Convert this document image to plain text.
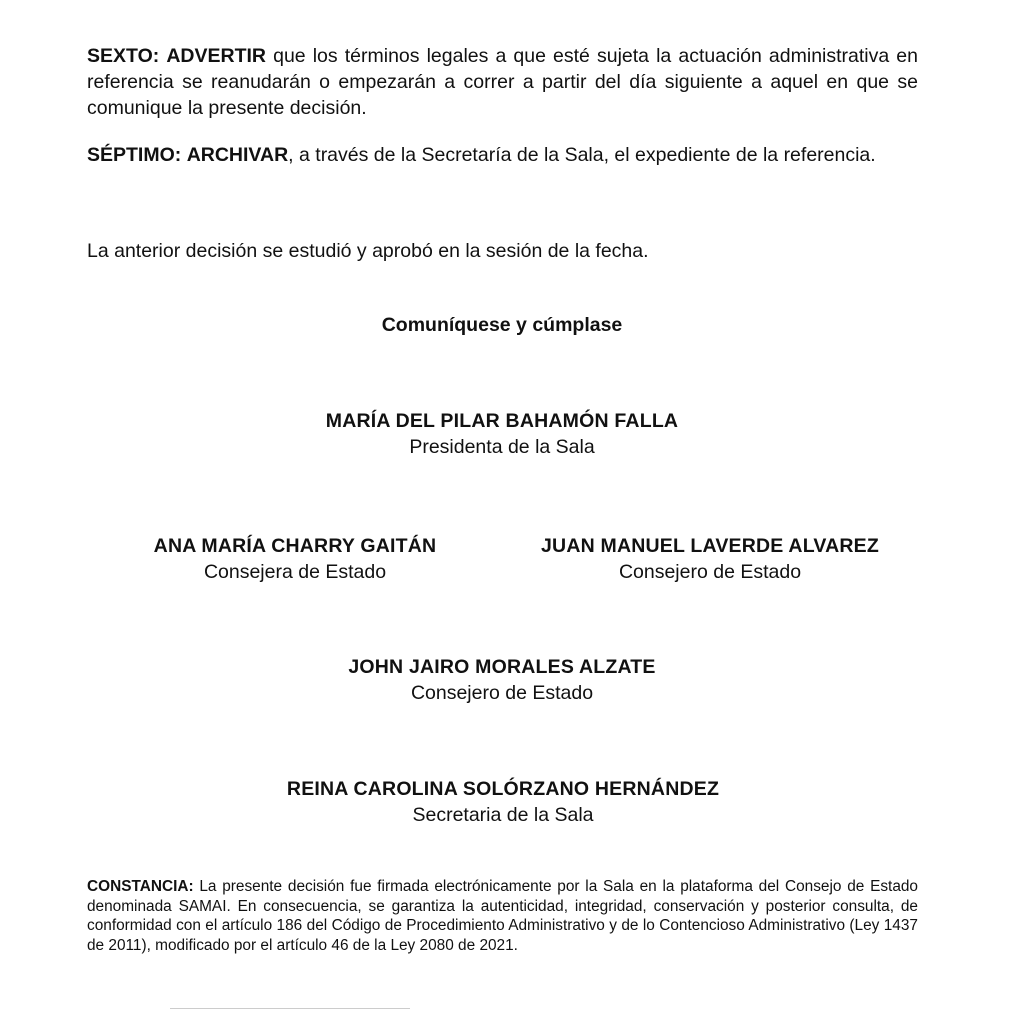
SEXTO: ADVERTIR que los términos legales a que esté sujeta la actuación administrativa en referencia se reanudarán o empezarán a correr a partir del día siguiente a aquel en que se comunique la presente decisión.

SÉPTIMO: ARCHIVAR, a través de la Secretaría de la Sala, el expediente de la referencia.

La anterior decisión se estudió y aprobó en la sesión de la fecha.

Comuníquese y cúmplase

MARÍA DEL PILAR BAHAMÓN FALLA
Presidenta de la Sala
ANA MARÍA CHARRY GAITÁN
Consejera de Estado
JUAN MANUEL LAVERDE ALVAREZ
Consejero de Estado
JOHN JAIRO MORALES ALZATE
Consejero de Estado
REINA CAROLINA SOLÓRZANO HERNÁNDEZ
Secretaria de la Sala

CONSTANCIA: La presente decisión fue firmada electrónicamente por la Sala en la plataforma del Consejo de Estado denominada SAMAI. En consecuencia, se garantiza la autenticidad, integridad, conservación y posterior consulta, de conformidad con el artículo 186 del Código de Procedimiento Administrativo y de lo Contencioso Administrativo (Ley 1437 de 2011), modificado por el artículo 46 de la Ley 2080 de 2021.
